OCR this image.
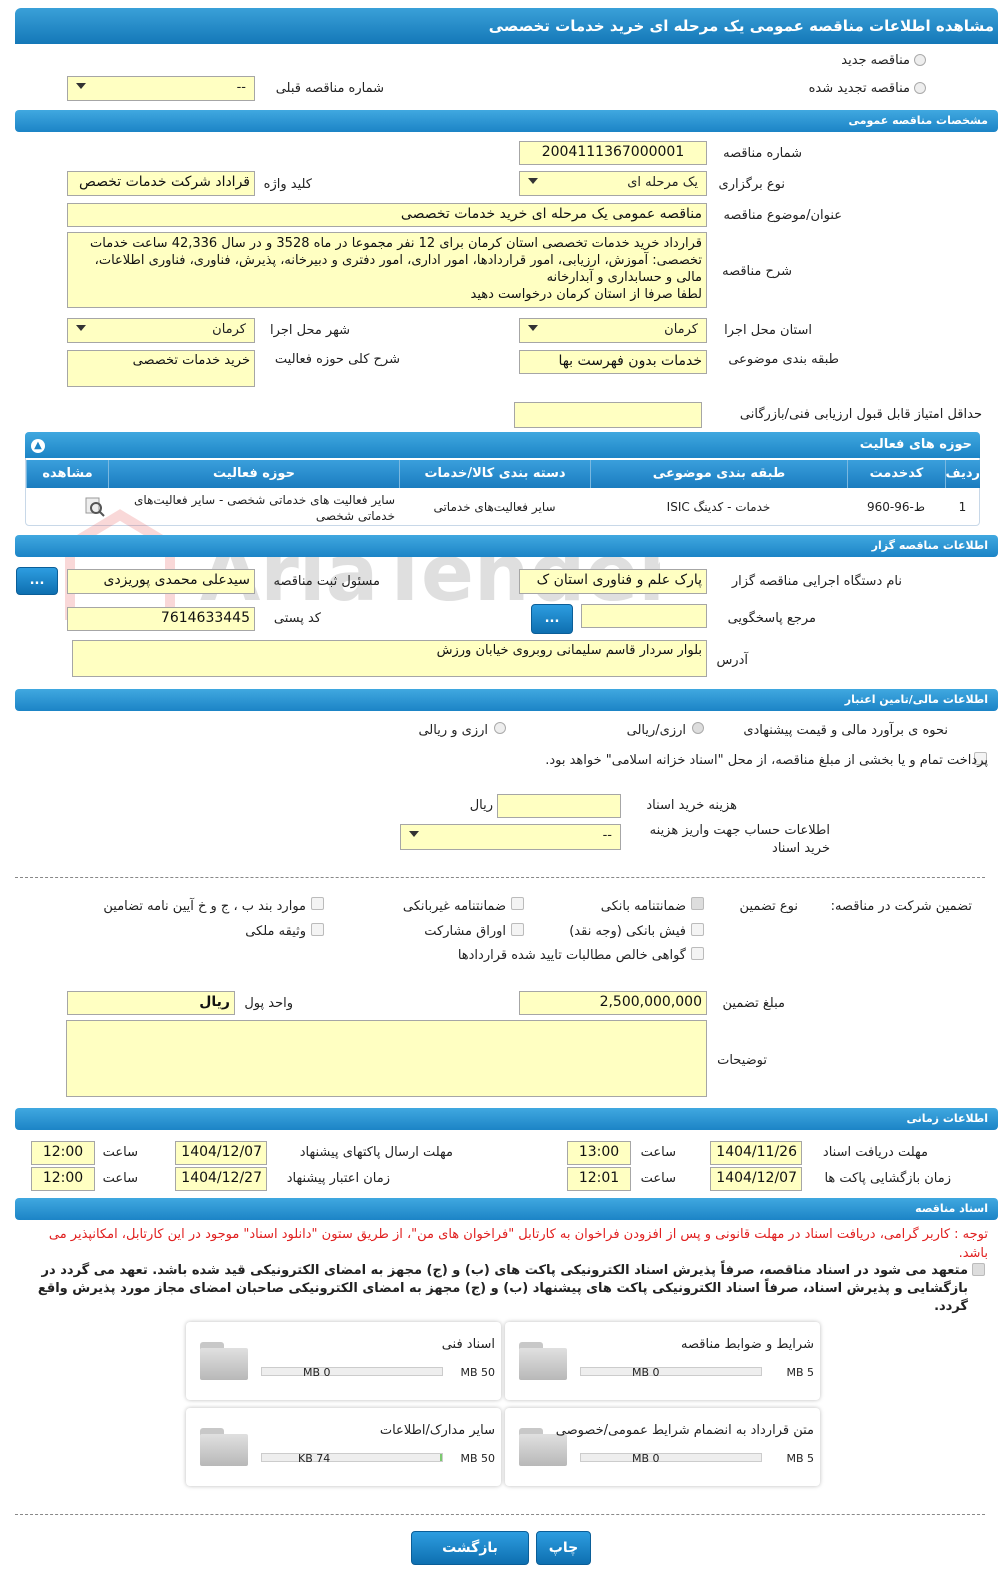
مشاهده اطلاعات مناقصه عمومی یک مرحله ای خرید خدمات تخصصی
مناقصه جدید
مناقصه تجدید شده
شماره مناقصه قبلی
--
مشخصات مناقصه عمومی
شماره مناقصه
2004111367000001
نوع برگزاری
یک مرحله ای
کلید واژه
قراداد شرکت خدمات تخصص
عنوان/موضوع مناقصه
مناقصه عمومی یک مرحله ای خرید خدمات تخصصی
شرح مناقصه
قرارداد خرید خدمات تخصصی استان کرمان برای 12 نفر مجموعا در ماه 3528 و در سال 42,336 ساعت خدمات تخصصی: آموزش، ارزیابی، امور قراردادها، امور اداری، امور دفتری و دبیرخانه، پذیرش، فناوری، فناوری اطلاعات، مالی و حسابداری و آبدارخانه
لطفا صرفا از استان کرمان درخواست دهید
استان محل اجرا
کرمان
شهر محل اجرا
کرمان
طبقه بندی موضوعی
خدمات بدون فهرست بها
شرح کلی حوزه فعالیت
خرید خدمات تخصصی
حداقل امتیاز قابل قبول ارزیابی فنی/بازرگانی
حوزه های فعالیت
▲
ردیف
کدخدمت
طبقه بندی موضوعی
دسته بندی کالا/خدمات
حوزه فعالیت
مشاهده
1
ط-96-960
خدمات - کدینگ ISIC
سایر فعالیت‌های خدماتی
سایر فعالیت های خدماتی شخصی - سایر فعالیت‌های خدماتی شخصی
AriaTen	اطلاعات مناقصه گزار
نام دستگاه اجرایی مناقصه گزار
پارک علم و فناوری استان ک
مسئول ثبت مناقصه
سیدعلی محمدی پوریزدی
...
مرجع پاسخگویی
...
کد پستی
7614633445
آدرس
بلوار سردار قاسم سلیمانی روبروی خیابان ورزش
اطلاعات مالی/تامین اعتبار
نحوه ی برآورد مالی و قیمت پیشنهادی
ارزی/ریالی
ارزی و ریالی
پرداخت تمام و یا بخشی از مبلغ مناقصه، از محل "اسناد خزانه اسلامی" خواهد بود.
هزینه خرید اسناد
ریال
اطلاعات حساب جهت واریز هزینه خرید اسناد
--
تضمین شرکت در مناقصه:
نوع تضمین
ضمانتنامه بانکی
ضمانتنامه غیربانکی
موارد بند ب ، ج و خ آیین نامه تضامین
فیش بانکی (وجه نقد)
اوراق مشارکت
وثیقه ملکی
گواهی خالص مطالبات تایید شده قراردادها
مبلغ تضمین
2,500,000,000
واحد پول
ریال
توضیحات
اطلاعات زمانی
مهلت دریافت اسناد
1404/11/26
ساعت
13:00
مهلت ارسال پاکتهای پیشنهاد
1404/12/07
ساعت
12:00
زمان بازگشایی پاکت ها
1404/12/07
ساعت
12:01
زمان اعتبار پیشنهاد
1404/12/27
ساعت
12:00
اسناد مناقصه
توجه : کاربر گرامی، دریافت اسناد در مهلت قانونی و پس از افزودن فراخوان به کارتابل "فراخوان های من"، از طریق ستون "دانلود اسناد" موجود در این کارتابل، امکانپذیر می باشد.
متعهد می شود در اسناد مناقصه، صرفاً پذیرش اسناد الکترونیکی پاکت های (ب) و (ج) مجهز به امضای الکترونیکی قید شده باشد. تعهد می گردد در بازگشایی و پذیرش اسناد، صرفاً اسناد الکترونیکی پاکت های پیشنهاد (ب) و (ج) مجهز به امضای الکترونیکی صاحبان امضای مجاز مورد پذیرش واقع گردد.
شرایط و ضوابط مناقصه
5 MB
0 MB
اسناد فنی
50 MB
0 MB
متن قرارداد به انضمام شرایط عمومی/خصوصی
5 MB
0 MB
سایر مدارک/اطلاعات
50 MB
74 KB
چاپ
بازگشت
